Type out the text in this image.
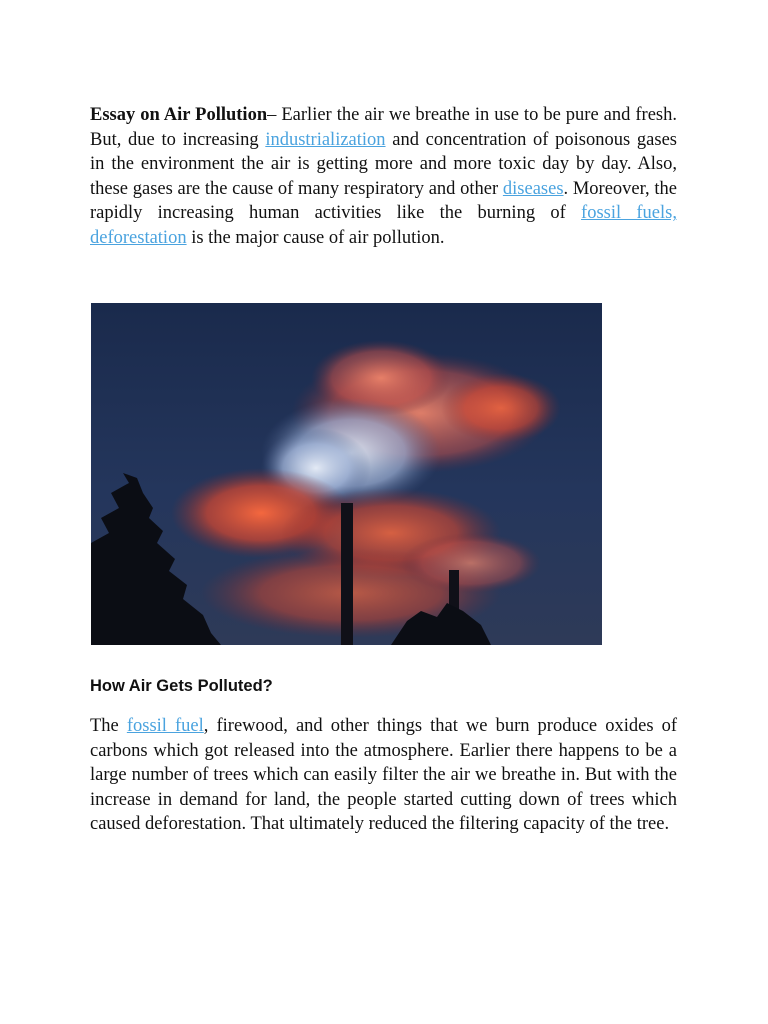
Essay on Air Pollution– Earlier the air we breathe in use to be pure and fresh. But, due to increasing industrialization and concentration of poisonous gases in the environment the air is getting more and more toxic day by day. Also, these gases are the cause of many respiratory and other diseases. Moreover, the rapidly increasing human activities like the burning of fossil fuels, deforestation is the major cause of air pollution.

How Air Gets Polluted?

The fossil fuel, firewood, and other things that we burn produce oxides of carbons which got released into the atmosphere. Earlier there happens to be a large number of trees which can easily filter the air we breathe in. But with the increase in demand for land, the people started cutting down of trees which caused deforestation. That ultimately reduced the filtering capacity of the tree.
